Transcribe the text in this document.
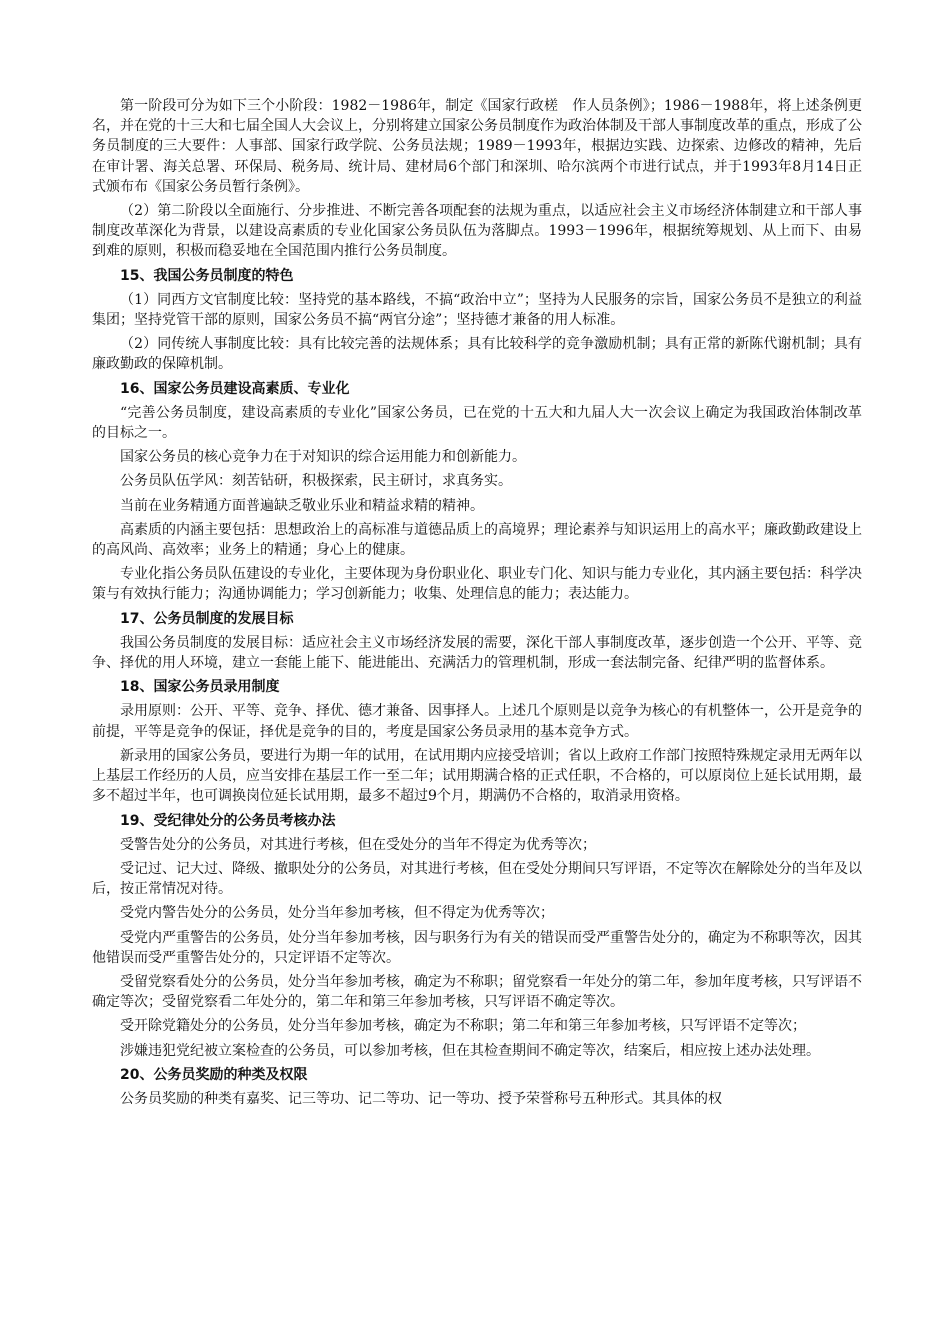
第一阶段可分为如下三个小阶段：1982－1986年，制定《国家行政槎　作人员条例》；1986－1988年，将上述条例更名，并在党的十三大和七届全国人大会议上，分别将建立国家公务员制度作为政治体制及干部人事制度改革的重点，形成了公务员制度的三大要件：人事部、国家行政学院、公务员法规；1989－1993年，根据边实践、边探索、边修改的精神，先后在审计署、海关总署、环保局、税务局、统计局、建材局6个部门和深圳、哈尔滨两个市进行试点，并于1993年8月14日正式颁布布《国家公务员暂行条例》。

（2）第二阶段以全面施行、分步推进、不断完善各项配套的法规为重点，以适应社会主义市场经济体制建立和干部人事制度改革深化为背景，以建设高素质的专业化国家公务员队伍为落脚点。1993－1996年，根据统筹规划、从上而下、由易到难的原则，积极而稳妥地在全国范围内推行公务员制度。

15、我国公务员制度的特色

（1）同西方文官制度比较：坚持党的基本路线，不搞“政治中立”；坚持为人民服务的宗旨，国家公务员不是独立的利益集团；坚持党管干部的原则，国家公务员不搞“两官分途”；坚持德才兼备的用人标准。

（2）同传统人事制度比较：具有比较完善的法规体系；具有比较科学的竞争激励机制；具有正常的新陈代谢机制；具有廉政勤政的保障机制。

16、国家公务员建设高素质、专业化

“完善公务员制度，建设高素质的专业化”国家公务员，已在党的十五大和九届人大一次会议上确定为我国政治体制改革的目标之一。

国家公务员的核心竞争力在于对知识的综合运用能力和创新能力。

公务员队伍学风：刻苦钻研，积极探索，民主研讨，求真务实。

当前在业务精通方面普遍缺乏敬业乐业和精益求精的精神。

高素质的内涵主要包括：思想政治上的高标准与道德品质上的高境界；理论素养与知识运用上的高水平；廉政勤政建设上的高风尚、高效率；业务上的精通；身心上的健康。

专业化指公务员队伍建设的专业化，主要体现为身份职业化、职业专门化、知识与能力专业化，其内涵主要包括：科学决策与有效执行能力；沟通协调能力；学习创新能力；收集、处理信息的能力；表达能力。

17、公务员制度的发展目标

我国公务员制度的发展目标：适应社会主义市场经济发展的需要，深化干部人事制度改革，逐步创造一个公开、平等、竞争、择优的用人环境，建立一套能上能下、能进能出、充满活力的管理机制，形成一套法制完备、纪律严明的监督体系。

18、国家公务员录用制度

录用原则：公开、平等、竞争、择优、德才兼备、因事择人。上述几个原则是以竞争为核心的有机整体一，公开是竞争的前提，平等是竞争的保证，择优是竞争的目的，考度是国家公务员录用的基本竞争方式。

新录用的国家公务员，要进行为期一年的试用，在试用期内应接受培训；省以上政府工作部门按照特殊规定录用无两年以上基层工作经历的人员，应当安排在基层工作一至二年；试用期满合格的正式任职，不合格的，可以原岗位上延长试用期，最多不超过半年，也可调换岗位延长试用期，最多不超过9个月，期满仍不合格的，取消录用资格。

19、受纪律处分的公务员考核办法

受警告处分的公务员，对其进行考核，但在受处分的当年不得定为优秀等次；

受记过、记大过、降级、撤职处分的公务员，对其进行考核，但在受处分期间只写评语，不定等次在解除处分的当年及以后，按正常情况对待。

受党内警告处分的公务员，处分当年参加考核，但不得定为优秀等次；

受党内严重警告的公务员，处分当年参加考核，因与职务行为有关的错误而受严重警告处分的，确定为不称职等次，因其他错误而受严重警告处分的，只定评语不定等次。

受留党察看处分的公务员，处分当年参加考核，确定为不称职；留党察看一年处分的第二年，参加年度考核，只写评语不确定等次；受留党察看二年处分的，第二年和第三年参加考核，只写评语不确定等次。

受开除党籍处分的公务员，处分当年参加考核，确定为不称职；第二年和第三年参加考核，只写评语不定等次；

涉嫌违犯党纪被立案检查的公务员，可以参加考核，但在其检查期间不确定等次，结案后，相应按上述办法处理。

20、公务员奖励的种类及权限

公务员奖励的种类有嘉奖、记三等功、记二等功、记一等功、授予荣誉称号五种形式。其具体的权
